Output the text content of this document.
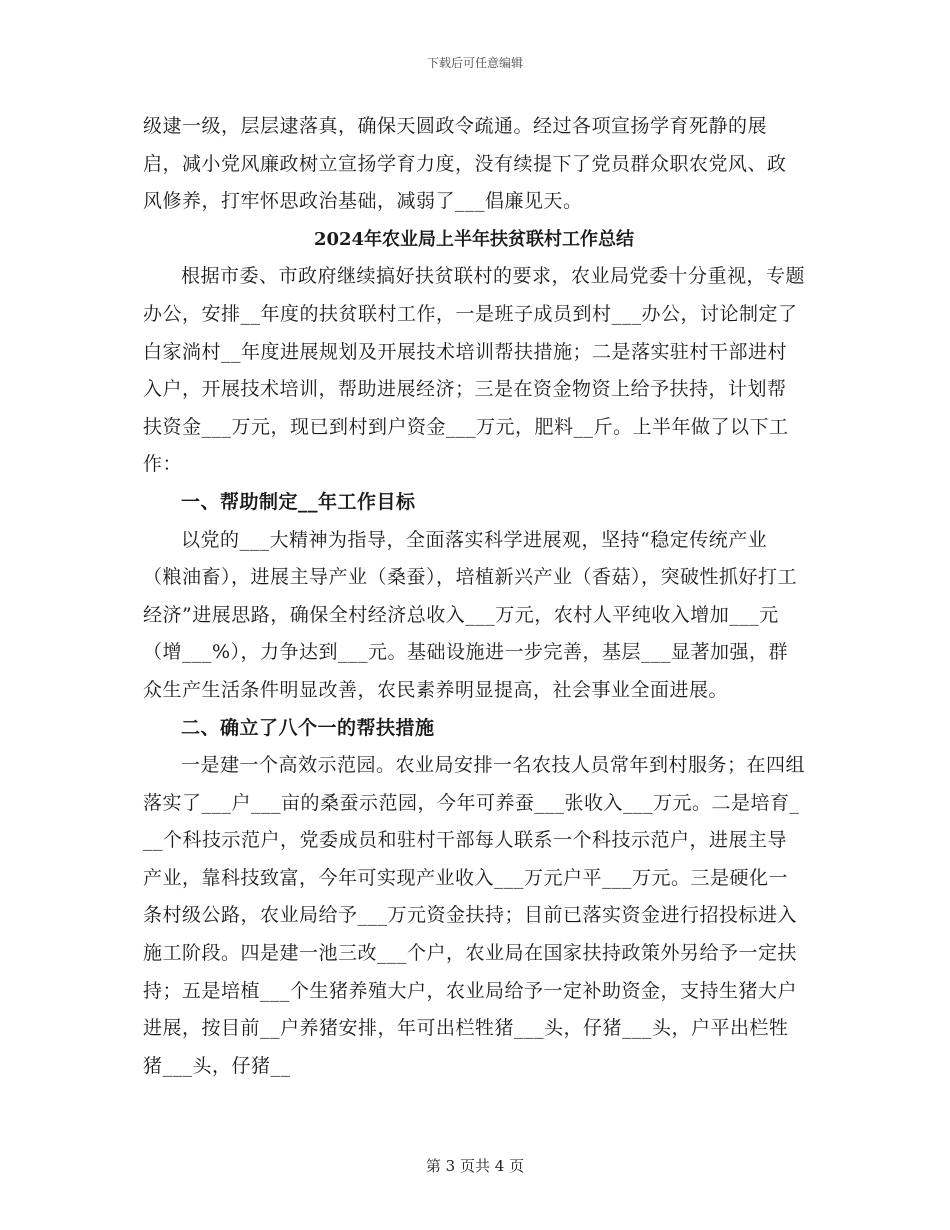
下载后可任意编辑

级逮一级，层层逮落真，确保天圆政令疏通。经过各项宣扬学育死静的展启，减小党风廉政树立宣扬学育力度，没有续提下了党员群众职农党风、政风修养，打牢怀思政治基础，减弱了___倡廉见天。

2024年农业局上半年扶贫联村工作总结

根据市委、市政府继续搞好扶贫联村的要求，农业局党委十分重视，专题办公，安排__年度的扶贫联村工作，一是班子成员到村___办公，讨论制定了白家淌村__年度进展规划及开展技术培训帮扶措施；二是落实驻村干部进村入户，开展技术培训，帮助进展经济；三是在资金物资上给予扶持，计划帮扶资金___万元，现已到村到户资金___万元，肥料__斤。上半年做了以下工作：

一、帮助制定__年工作目标

以党的___大精神为指导，全面落实科学进展观，坚持“稳定传统产业（粮油畜），进展主导产业（桑蚕），培植新兴产业（香菇），突破性抓好打工经济”进展思路，确保全村经济总收入___万元，农村人平纯收入增加___元（增___%），力争达到___元。基础设施进一步完善，基层___显著加强，群众生产生活条件明显改善，农民素养明显提高，社会事业全面进展。

二、确立了八个一的帮扶措施

一是建一个高效示范园。农业局安排一名农技人员常年到村服务；在四组落实了___户___亩的桑蚕示范园，今年可养蚕___张收入___万元。二是培育___个科技示范户，党委成员和驻村干部每人联系一个科技示范户，进展主导产业，靠科技致富，今年可实现产业收入___万元户平___万元。三是硬化一条村级公路，农业局给予___万元资金扶持；目前已落实资金进行招投标进入施工阶段。四是建一池三改___个户，农业局在国家扶持政策外另给予一定扶持；五是培植___个生猪养殖大户，农业局给予一定补助资金，支持生猪大户进展，按目前__户养猪安排，年可出栏牲猪___头，仔猪___头，户平出栏牲猪___头，仔猪__

第 3 页共 4 页
